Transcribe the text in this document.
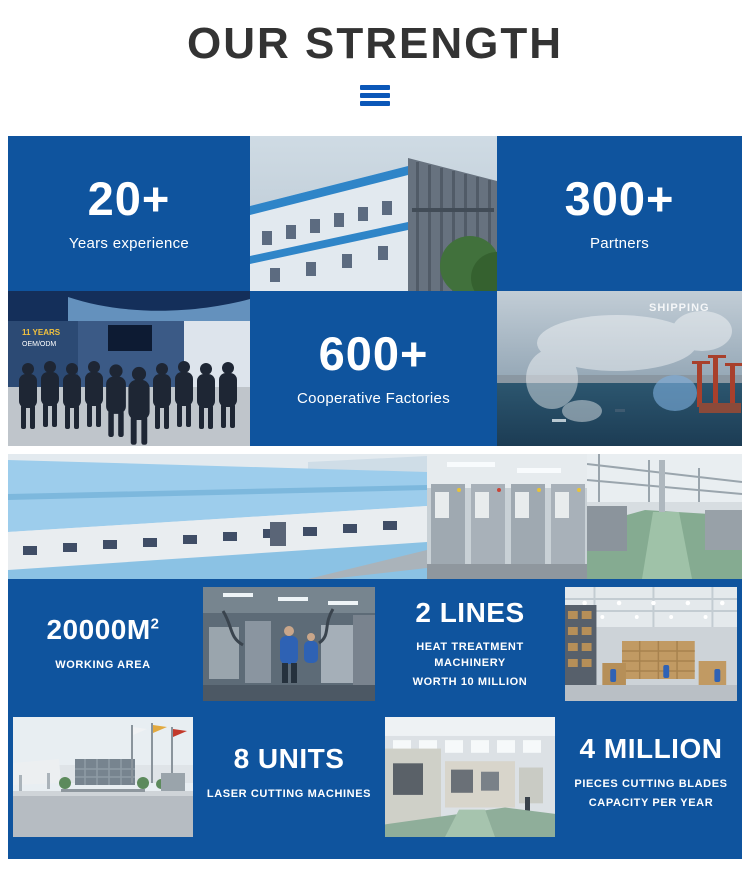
OUR STRENGTH
20+
Years experience
300+
Partners
11 YEARS
OEM/ODM	600+
Cooperative Factories
SHIPPING
$20000M^2$
WORKING AREA
2 LINES
HEAT TREATMENT MACHINERY
WORTH 10 MILLION
8 UNITS
LASER CUTTING MACHINES
4 MILLION
PIECES CUTTING BLADES
CAPACITY PER YEAR
